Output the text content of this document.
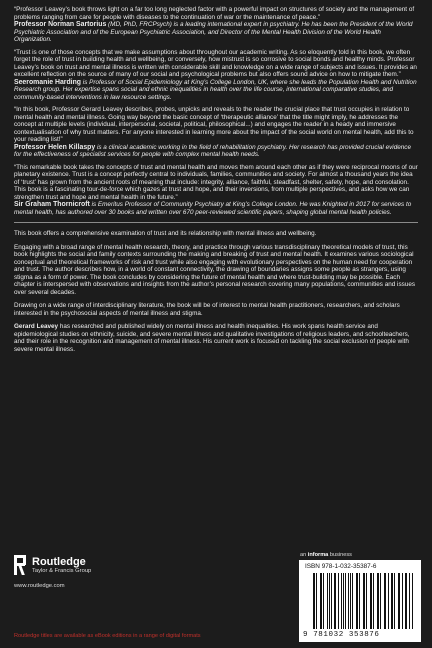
“Professor Leavey’s book throws light on a far too long neglected factor with a powerful impact on structures of society and the management of problems ranging from care for people with diseases to the continuation of war or the maintenance of peace.”
Professor Norman Sartorius (MD, PhD, FRCPsych) is a leading international expert in psychiatry. He has been the President of the World Psychiatric Association and of the European Psychiatric Association, and Director of the Mental Health Division of the World Health Organization.

“Trust is one of those concepts that we make assumptions about throughout our academic writing. As so eloquently told in this book, we often forget the role of trust in building health and wellbeing, or conversely, how mistrust is so corrosive to social bonds and healthy minds. Professor Leavey’s book on trust and mental illness is written with considerable skill and knowledge on a wide range of subjects and issues. It provides an excellent reflection on the source of many of our social and psychological problems but also offers sound advice on how to mitigate them.”
Seeromanie Harding is Professor of Social Epidemiology at King’s College London, UK, where she leads the Population Health and Nutrition Research group. Her expertise spans social and ethnic inequalities in health over the life course, international comparative studies, and community-based interventions in law resource settings.

“In this book, Professor Gerard Leavey describes, probes, unpicks and reveals to the reader the crucial place that trust occupies in relation to mental health and mental illness. Going way beyond the basic concept of ‘therapeutic alliance’ that the title might imply, he addresses the concept at multiple levels (individual, interpersonal, societal, political, philosophical...) and engages the reader in a heady and immersive contextualisation of why trust matters. For anyone interested in learning more about the impact of the social world on mental health, add this to your reading list!”
Professor Helen Killaspy is a clinical academic working in the field of rehabilitation psychiatry. Her research has provided crucial evidence for the effectiveness of specialist services for people with complex mental health needs.

“This remarkable book takes the concepts of trust and mental health and moves them around each other as if they were reciprocal moons of our planetary existence. Trust is a concept perfectly central to individuals, families, communities and society. For almost a thousand years the idea of ‘trust’ has grown from the ancient roots of meaning that include: integrity, alliance, faithful, steadfast, shelter, safety, hope, and consolation. This book is a fascinating tour-de-force which gazes at trust and hope, and their inversions, from multiple perspectives, and asks how we can strengthen trust and hope and mental health in the future.”
Sir Graham Thornicroft is Emeritus Professor of Community Psychiatry at King’s College London. He was Knighted in 2017 for services to mental health, has authored over 30 books and written over 670 peer-reviewed scientific papers, shaping global mental health policies.

This book offers a comprehensive examination of trust and its relationship with mental illness and wellbeing.

Engaging with a broad range of mental health research, theory, and practice through various transdisciplinary theoretical models of trust, this book highlights the social and family contexts surrounding the making and breaking of trust and mental health. It examines various sociological conceptual and theoretical frameworks of risk and trust while also engaging with evolutionary perspectives on the human need for cooperation and trust. The author describes how, in a world of constant connectivity, the drawing of boundaries assigns some people as strangers, using stigma as a form of power. The book concludes by considering the future of mental health and where trust-building may be possible. Each chapter is interspersed with observations and insights from the author’s personal research covering many populations, communities and issues over several decades.

Drawing on a wide range of interdisciplinary literature, the book will be of interest to mental health practitioners, researchers, and scholars interested in the psychosocial aspects of mental illness and stigma.

Gerard Leavey has researched and published widely on mental illness and health inequalities. His work spans health service and epidemiological studies on ethnicity, suicide, and severe mental illness and qualitative investigations of religious leaders, and schoolteachers, and their role in the recognition and management of mental illness. His current work is focused on tackling the social exclusion of people with severe mental illness.

Routledge
Taylor & Francis Group
www.routledge.com
Routledge titles are available as eBook editions in a range of digital formats
an informa business
ISBN 978-1-032-35387-6
9 781032 353876
